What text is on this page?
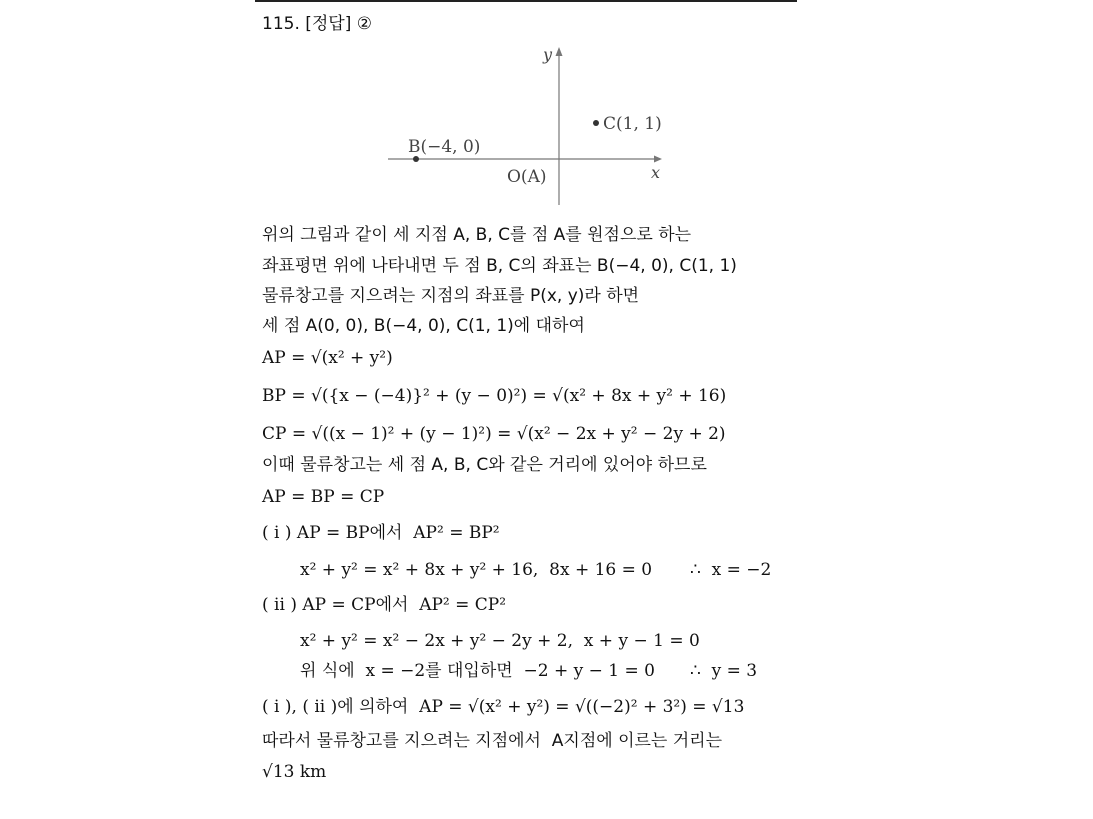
115. [정답] ②
y
x
C(1, 1)
B(−4, 0)
O(A)
위의 그림과 같이 세 지점 A, B, C를 점 A를 원점으로 하는
좌표평면 위에 나타내면 두 점 B, C의 좌표는 B(−4, 0), C(1, 1)
물류창고를 지으려는 지점의 좌표를 P(x, y)라 하면
세 점 A(0, 0), B(−4, 0), C(1, 1)에 대하여
AP = √(x² + y²)
BP = √({x − (−4)}² + (y − 0)²) = √(x² + 8x + y² + 16)
CP = √((x − 1)² + (y − 1)²) = √(x² − 2x + y² − 2y + 2)
이때 물류창고는 세 점 A, B, C와 같은 거리에 있어야 하므로
AP = BP = CP
( i ) AP = BP에서  AP² = BP²
x² + y² = x² + 8x + y² + 16,  8x + 16 = 0 ∴  x = −2
( ii ) AP = CP에서  AP² = CP²
x² + y² = x² − 2x + y² − 2y + 2,  x + y − 1 = 0
위 식에  x = −2를 대입하면  −2 + y − 1 = 0 ∴  y = 3
( i ), ( ii )에 의하여  AP = √(x² + y²) = √((−2)² + 3²) = √13
따라서 물류창고를 지으려는 지점에서  A지점에 이르는 거리는
√13 km
